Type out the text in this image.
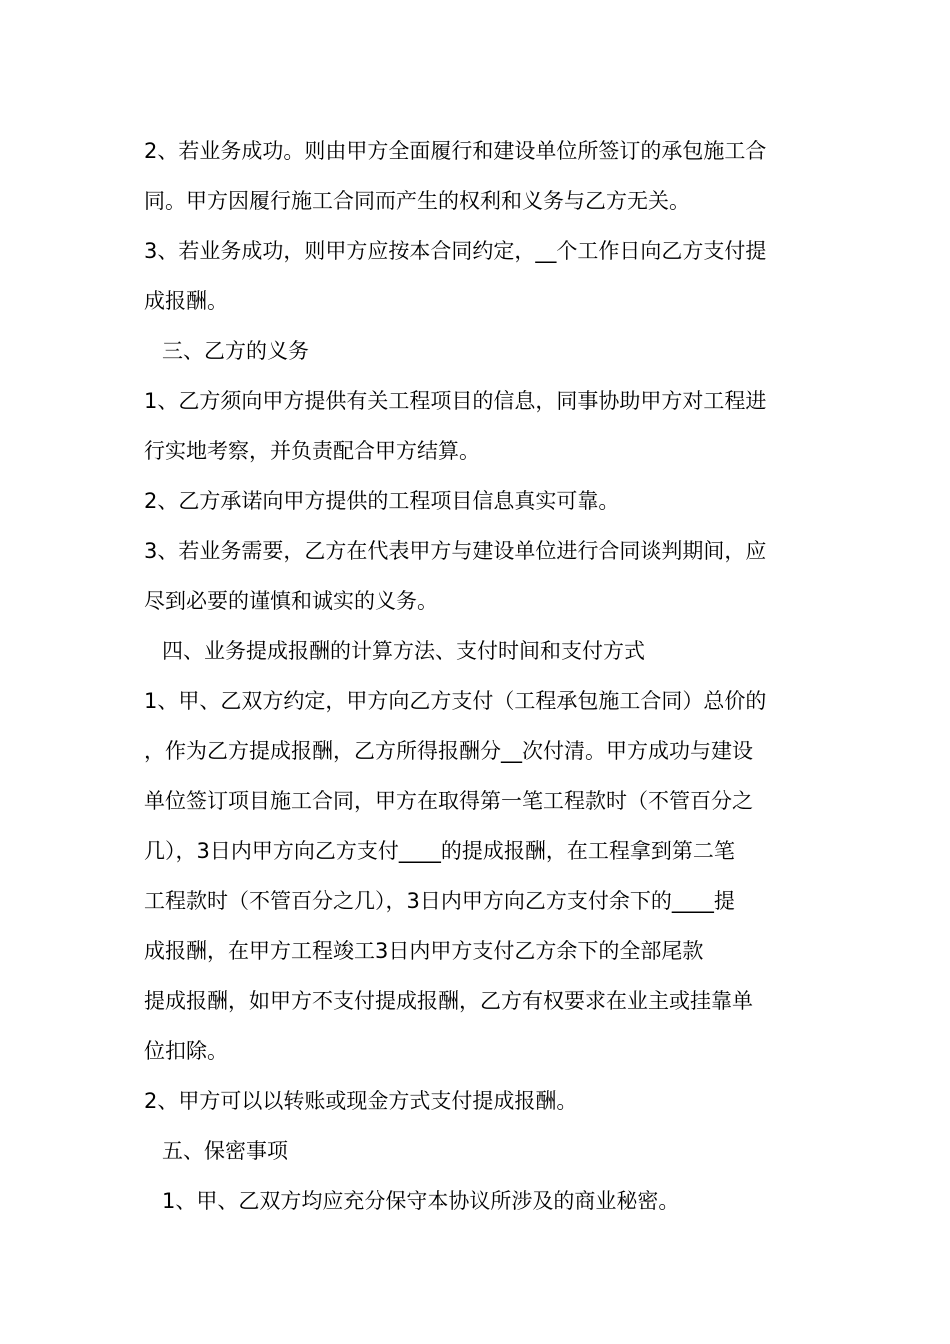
2、若业务成功。则由甲方全面履行和建设单位所签订的承包施工合
同。甲方因履行施工合同而产生的权利和义务与乙方无关。
3、若业务成功，则甲方应按本合同约定，__个工作日向乙方支付提
成报酬。
三、乙方的义务
1、乙方须向甲方提供有关工程项目的信息，同事协助甲方对工程进
行实地考察，并负责配合甲方结算。
2、乙方承诺向甲方提供的工程项目信息真实可靠。
3、若业务需要，乙方在代表甲方与建设单位进行合同谈判期间，应
尽到必要的谨慎和诚实的义务。
四、业务提成报酬的计算方法、支付时间和支付方式
1、甲、乙双方约定，甲方向乙方支付（工程承包施工合同）总价的
，作为乙方提成报酬，乙方所得报酬分__次付清。甲方成功与建设
单位签订项目施工合同，甲方在取得第一笔工程款时（不管百分之
几），3日内甲方向乙方支付____的提成报酬，在工程拿到第二笔
工程款时（不管百分之几），3日内甲方向乙方支付余下的____提
成报酬，在甲方工程竣工3日内甲方支付乙方余下的全部尾款
提成报酬，如甲方不支付提成报酬，乙方有权要求在业主或挂靠单
位扣除。
2、甲方可以以转账或现金方式支付提成报酬。
五、保密事项
1、甲、乙双方均应充分保守本协议所涉及的商业秘密。
